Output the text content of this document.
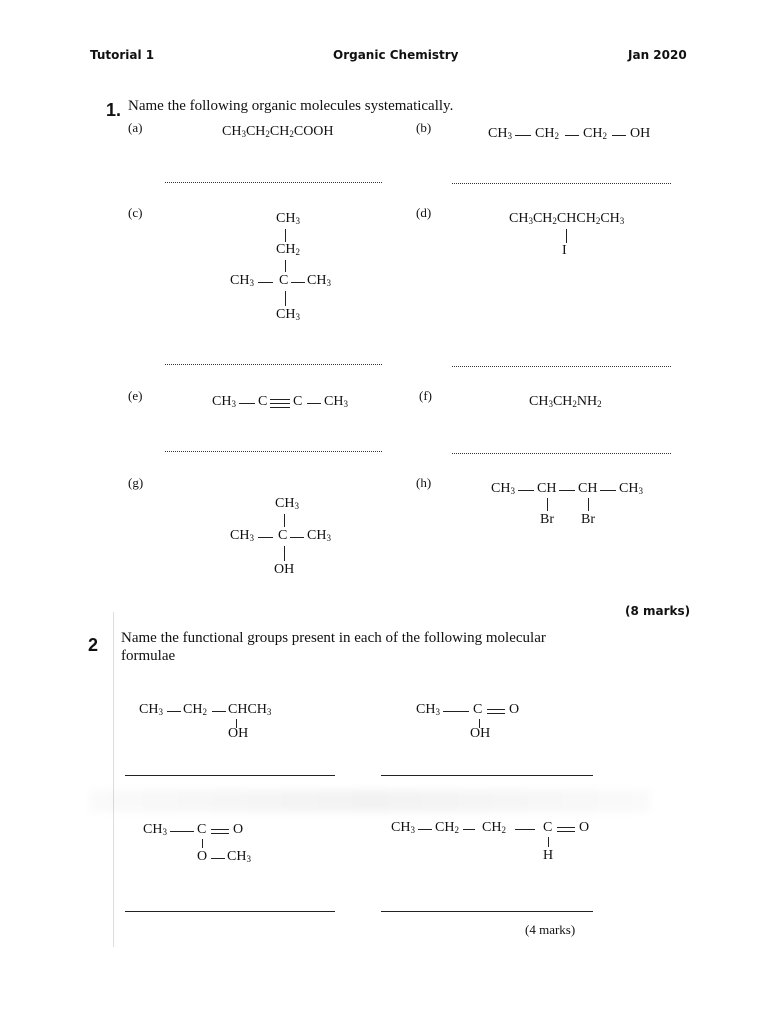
Tutorial 1	Organic Chemistry	Jan 2020
1. Name the following organic molecules systematically.
(a)	$CH_3CH_2CH_2COOH$	(b)	$CH_3$ $CH_2$ $CH_2$ OH
(c)	$CH_3$
$CH_2$
$CH_3$ C $CH_3$
$CH_3$
(d)	$CH_3CH_2CHCH_2CH_3$
I
(e)	$CH_3$ C C $CH_3$
(f)	$CH_3CH_2NH_2$
(g)
$CH_3$
$CH_3$ C $CH_3$
OH
(h)	$CH_3$ CH CH $CH_3$
Br Br
(8 marks)
2 Name the functional groups present in each of the following molecular
formulae
$CH_3$ $CH_2$ $CHCH_3$
OH
$CH_3$ C O
OH
$CH_3$ C O
O $CH_3$
$CH_3$ $CH_2$ $CH_2$	C O
H
(4 marks)
